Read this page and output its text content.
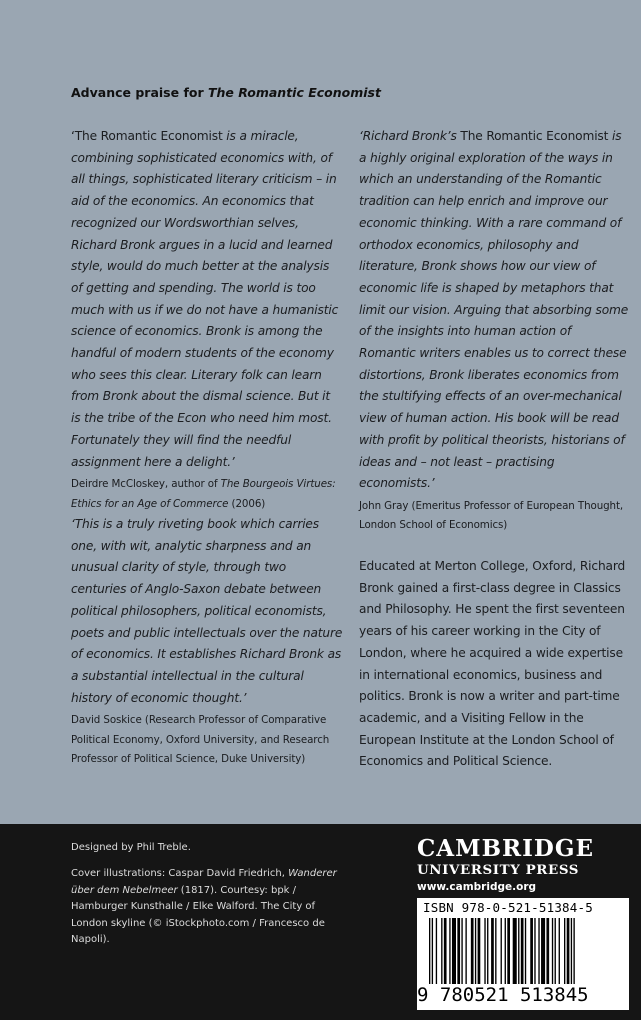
Advance praise for The Romantic Economist

‘The Romantic Economist is a miracle, combining sophisticated economics with, of all things, sophisticated literary criticism – in aid of the economics. An economics that recognized our Wordsworthian selves, Richard Bronk argues in a lucid and learned style, would do much better at the analysis of getting and spending. The world is too much with us if we do not have a humanistic science of economics. Bronk is among the handful of modern students of the economy who sees this clear. Literary folk can learn from Bronk about the dismal science. But it is the tribe of the Econ who need him most. Fortunately they will find the needful assignment here a delight.’

Deirdre McCloskey, author of The Bourgeois Virtues: Ethics for an Age of Commerce (2006)

‘Richard Bronk’s The Romantic Economist is a highly original exploration of the ways in which an understanding of the Romantic tradition can help enrich and improve our economic thinking. With a rare command of orthodox economics, philosophy and literature, Bronk shows how our view of economic life is shaped by metaphors that limit our vision. Arguing that absorbing some of the insights into human action of Romantic writers enables us to correct these distortions, Bronk liberates economics from the stultifying effects of an over-mechanical view of human action. His book will be read with profit by political theorists, historians of ideas and – not least – practising economists.’

John Gray (Emeritus Professor of European Thought, London School of Economics)

‘This is a truly riveting book which carries one, with wit, analytic sharpness and an unusual clarity of style, through two centuries of Anglo-Saxon debate between political philosophers, political economists, poets and public intellectuals over the nature of economics. It establishes Richard Bronk as a substantial intellectual in the cultural history of economic thought.’

David Soskice (Research Professor of Comparative Political Economy, Oxford University, and Research Professor of Political Science, Duke University)

Educated at Merton College, Oxford, Richard Bronk gained a first-class degree in Classics and Philosophy. He spent the first seventeen years of his career working in the City of London, where he acquired a wide expertise in international economics, business and politics. Bronk is now a writer and part-time academic, and a Visiting Fellow in the European Institute at the London School of Economics and Political Science.

Designed by Phil Treble.
Cover illustrations: Caspar David Friedrich, Wanderer über dem Nebelmeer (1817). Courtesy: bpk / Hamburger Kunsthalle / Elke Walford. The City of London skyline (© iStockphoto.com / Francesco de Napoli).
CAMBRIDGE
UNIVERSITY PRESS
www.cambridge.org
ISBN 978-0-521-51384-5
9 780521 513845
